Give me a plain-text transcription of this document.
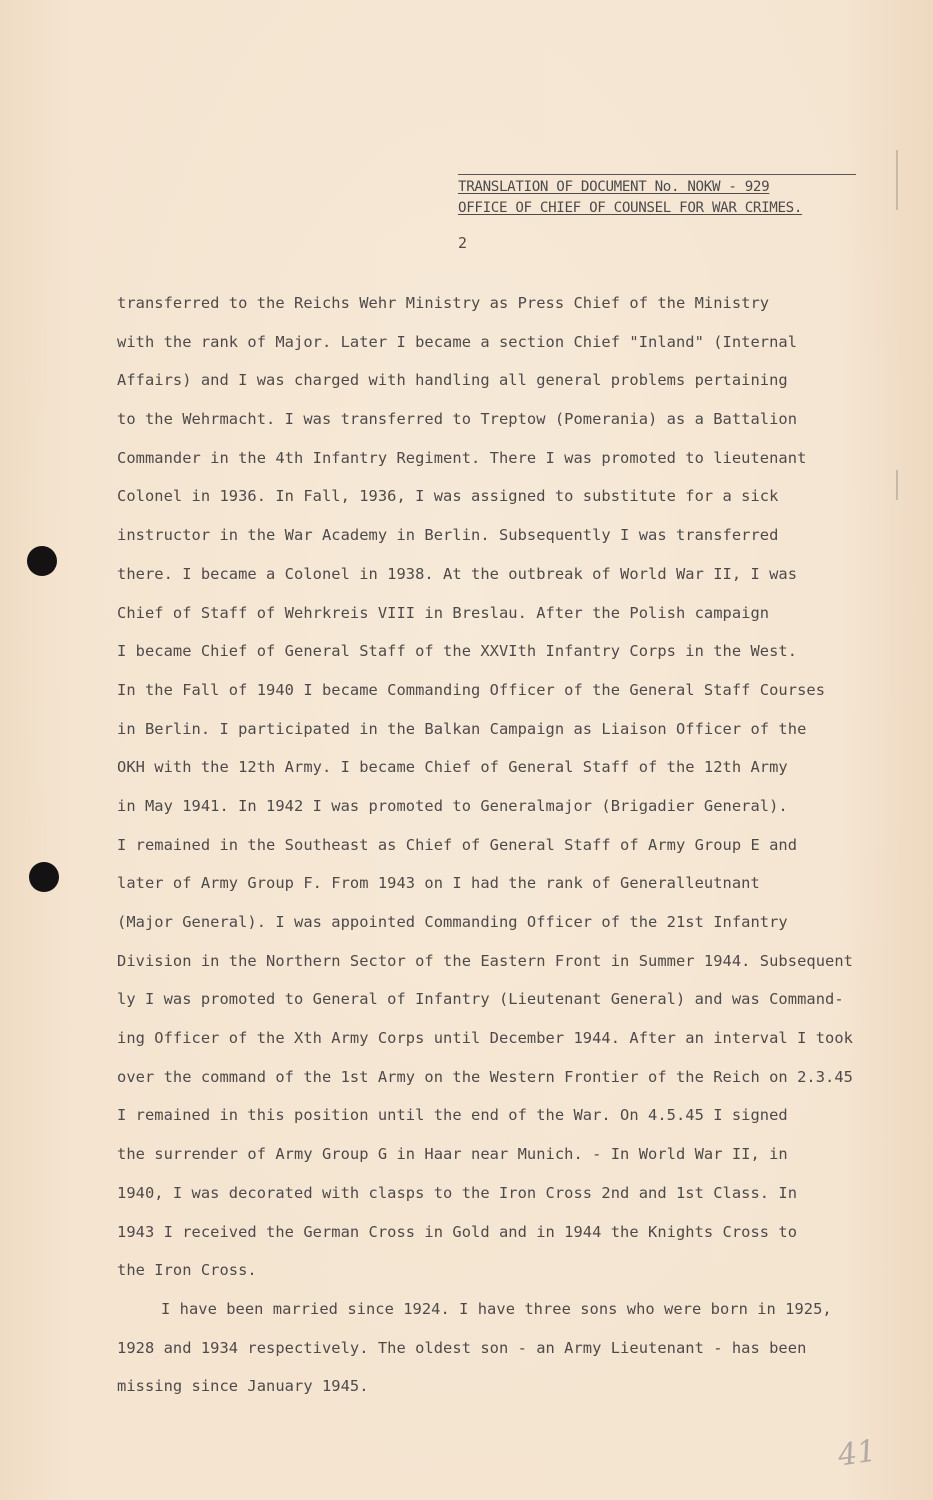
TRANSLATION OF DOCUMENT No. NOKW - 929
OFFICE OF CHIEF OF COUNSEL FOR WAR CRIMES.
2
transferred to the Reichs Wehr Ministry as Press Chief of the Ministry
with the rank of Major. Later I became a section Chief "Inland" (Internal
Affairs) and I was charged with handling all general problems pertaining
to the Wehrmacht. I was transferred to Treptow (Pomerania) as a Battalion
Commander in the 4th Infantry Regiment. There I was promoted to lieutenant
Colonel in 1936. In Fall, 1936, I was assigned to substitute for a sick
instructor in the War Academy in Berlin. Subsequently I was transferred
there. I became a Colonel in 1938. At the outbreak of World War II, I was
Chief of Staff of Wehrkreis VIII in Breslau. After the Polish campaign
I became Chief of General Staff of the XXVIth Infantry Corps in the West.
In the Fall of 1940 I became Commanding Officer of the General Staff Courses
in Berlin. I participated in the Balkan Campaign as Liaison Officer of the
OKH with the 12th Army. I became Chief of General Staff of the 12th Army
in May 1941. In 1942 I was promoted to Generalmajor (Brigadier General).
I remained in the Southeast as Chief of General Staff of Army Group E and
later of Army Group F. From 1943 on I had the rank of Generalleutnant
(Major General). I was appointed Commanding Officer of the 21st Infantry
Division in the Northern Sector of the Eastern Front in Summer 1944. Subsequent
ly I was promoted to General of Infantry (Lieutenant General) and was Command-
ing Officer of the Xth Army Corps until December 1944. After an interval I took
over the command of the 1st Army on the Western Frontier of the Reich on 2.3.45
I remained in this position until the end of the War. On 4.5.45 I signed
the surrender of Army Group G in Haar near Munich. - In World War II, in
1940, I was decorated with clasps to the Iron Cross 2nd and 1st Class. In
1943 I received the German Cross in Gold and in 1944 the Knights Cross to
the Iron Cross.
I have been married since 1924. I have three sons who were born in 1925,
1928 and 1934 respectively. The oldest son - an Army Lieutenant - has been
missing since January 1945.
41
